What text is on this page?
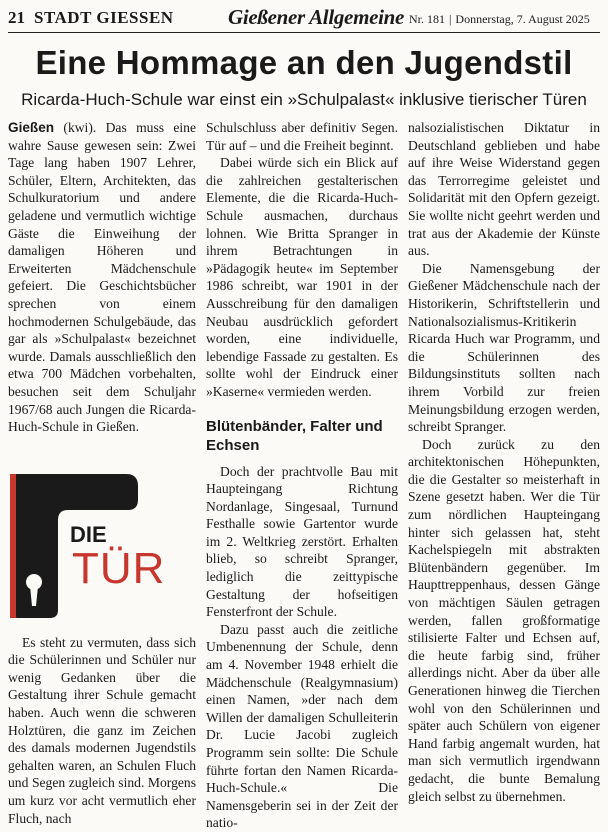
21 STADT GIESSEN	Gießener Allgemeine Nr. 181 | Donnerstag, 7. August 2025
Eine Hommage an den Jugendstil
Ricarda-Huch-Schule war einst ein »Schulpalast« inklusive tierischer Türen

Gießen (kwi). Das muss eine wahre Sause gewesen sein: Zwei Tage lang haben 1907 Lehrer, Schüler, Eltern, Architekten, das Schulkuratorium und andere geladene und vermutlich wichtige Gäste die Einweihung der damaligen Höheren und Erweiterten Mädchenschule gefeiert. Die Geschichtsbücher sprechen von einem hochmodernen Schulgebäude, das gar als »Schulpalast« bezeichnet wurde. Damals ausschließlich den etwa 700 Mädchen vorbehalten, besuchen seit dem Schuljahr 1967/68 auch Jungen die Ricarda-Huch-Schule in Gießen.

DIE
TÜR

Es steht zu vermuten, dass sich die Schülerinnen und Schüler nur wenig Gedanken über die Gestaltung ihrer Schule gemacht haben. Auch wenn die schweren Holztüren, die ganz im Zeichen des damals modernen Jugendstils gehalten waren, an Schulen Fluch und Segen zugleich sind. Morgens um kurz vor acht vermutlich eher Fluch, nach

Schulschluss aber definitiv Segen. Tür auf – und die Freiheit beginnt.

Dabei würde sich ein Blick auf die zahlreichen gestalterischen Elemente, die die Ricarda-Huch-Schule ausmachen, durchaus lohnen. Wie Britta Spranger in ihrem Betrachtungen in »Pädagogik heute« im September 1986 schreibt, war 1901 in der Ausschreibung für den damaligen Neubau ausdrücklich gefordert worden, eine individuelle, lebendige Fassade zu gestalten. Es sollte wohl der Eindruck einer »Kaserne« vermieden werden.

Blütenbänder, Falter und Echsen

Doch der prachtvolle Bau mit Haupteingang Richtung Nordanlage, Singesaal, Turnund Festhalle sowie Gartentor wurde im 2. Weltkrieg zerstört. Erhalten blieb, so schreibt Spranger, lediglich die zeittypische Gestaltung der hofseitigen Fensterfront der Schule.

Dazu passt auch die zeitliche Umbenennung der Schule, denn am 4. November 1948 erhielt die Mädchenschule (Realgymnasium) einen Namen, »der nach dem Willen der damaligen Schulleiterin Dr. Lucie Jacobi zugleich Programm sein sollte: Die Schule führte fortan den Namen Ricarda-Huch-Schule.« Die Namensgeberin sei in der Zeit der natio-

nalsozialistischen Diktatur in Deutschland geblieben und habe auf ihre Weise Widerstand gegen das Terrorregime geleistet und Solidarität mit den Opfern gezeigt. Sie wollte nicht geehrt werden und trat aus der Akademie der Künste aus.

Die Namensgebung der Gießener Mädchenschule nach der Historikerin, Schriftstellerin und Nationalsozialismus-Kritikerin Ricarda Huch war Programm, und die Schülerinnen des Bildungsinstituts sollten nach ihrem Vorbild zur freien Meinungsbildung erzogen werden, schreibt Spranger.

Doch zurück zu den architektonischen Höhepunkten, die die Gestalter so meisterhaft in Szene gesetzt haben. Wer die Tür zum nördlichen Haupteingang hinter sich gelassen hat, steht Kachelspiegeln mit abstrakten Blütenbändern gegenüber. Im Haupttreppenhaus, dessen Gänge von mächtigen Säulen getragen werden, fallen großformatige stilisierte Falter und Echsen auf, die heute farbig sind, früher allerdings nicht. Aber da über alle Generationen hinweg die Tierchen wohl von den Schülerinnen und später auch Schülern von eigener Hand farbig angemalt wurden, hat man sich vermutlich irgendwann gedacht, die bunte Bemalung gleich selbst zu übernehmen.
